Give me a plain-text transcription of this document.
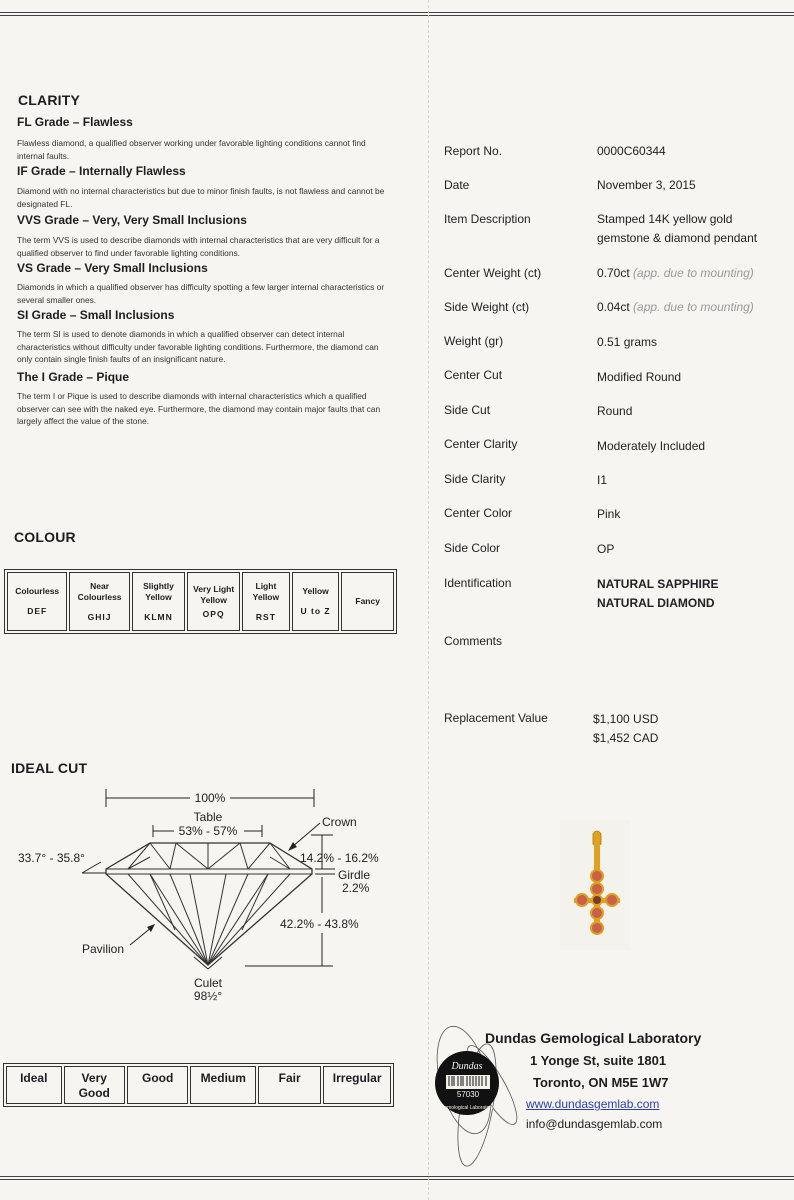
CLARITY
FL Grade – Flawless
Flawless diamond, a qualified observer working under favorable lighting conditions cannot find internal faults.
IF Grade – Internally Flawless
Diamond with no internal characteristics but due to minor finish faults, is not flawless and cannot be designated FL.
VVS Grade – Very, Very Small Inclusions
The term VVS is used to describe diamonds with internal characteristics that are very difficult for a qualified observer to find under favorable lighting conditions.
VS Grade – Very Small Inclusions
Diamonds in which a qualified observer has difficulty spotting a few larger internal characteristics or several smaller ones.
SI Grade – Small Inclusions
The term SI is used to denote diamonds in which a qualified observer can detect internal characteristics without difficulty under favorable lighting conditions. Furthermore, the diamond can only contain single finish faults of an insignificant nature.
The I Grade – Pique
The term I or Pique is used to describe diamonds with internal characteristics which a qualified observer can see with the naked eye. Furthermore, the diamond may contain major faults that can largely affect the value of the stone.
COLOUR
Colourless
DEF

Near Colourless
GHIJ

Slightly Yellow
KLMN

Very Light Yellow
OPQ

Light Yellow
RST

Yellow
U to Z

Fancy
IDEAL CUT
100%
Table
53% - 57%
Crown
33.7° - 35.8°	14.2% - 16.2%
Girdle
2.2%
42.2% - 43.8%
Pavilion
Culet
98½°
Ideal	Very Good	Good	Medium	Fair	Irregular
Report No.	0000C60344
Date	November 3, 2015
Item Description	Stamped 14K yellow gold
gemstone & diamond pendant
Center Weight (ct)	0.70ct (app. due to mounting)
Side Weight (ct)	0.04ct (app. due to mounting)
Weight (gr)	0.51 grams
Center Cut	Modified Round
Side Cut	Round
Center Clarity	Moderately Included
Side Clarity	I1
Center Color	Pink
Side Color	OP
Identification	NATURAL SAPPHIRE
NATURAL DIAMOND
Comments
Replacement Value	$1,100 USD
$1,452 CAD
Dundas
57030
Gemological Laboratory
Dundas Gemological Laboratory
1 Yonge St, suite 1801
Toronto, ON M5E 1W7
www.dundasgemlab.com
info@dundasgemlab.com
